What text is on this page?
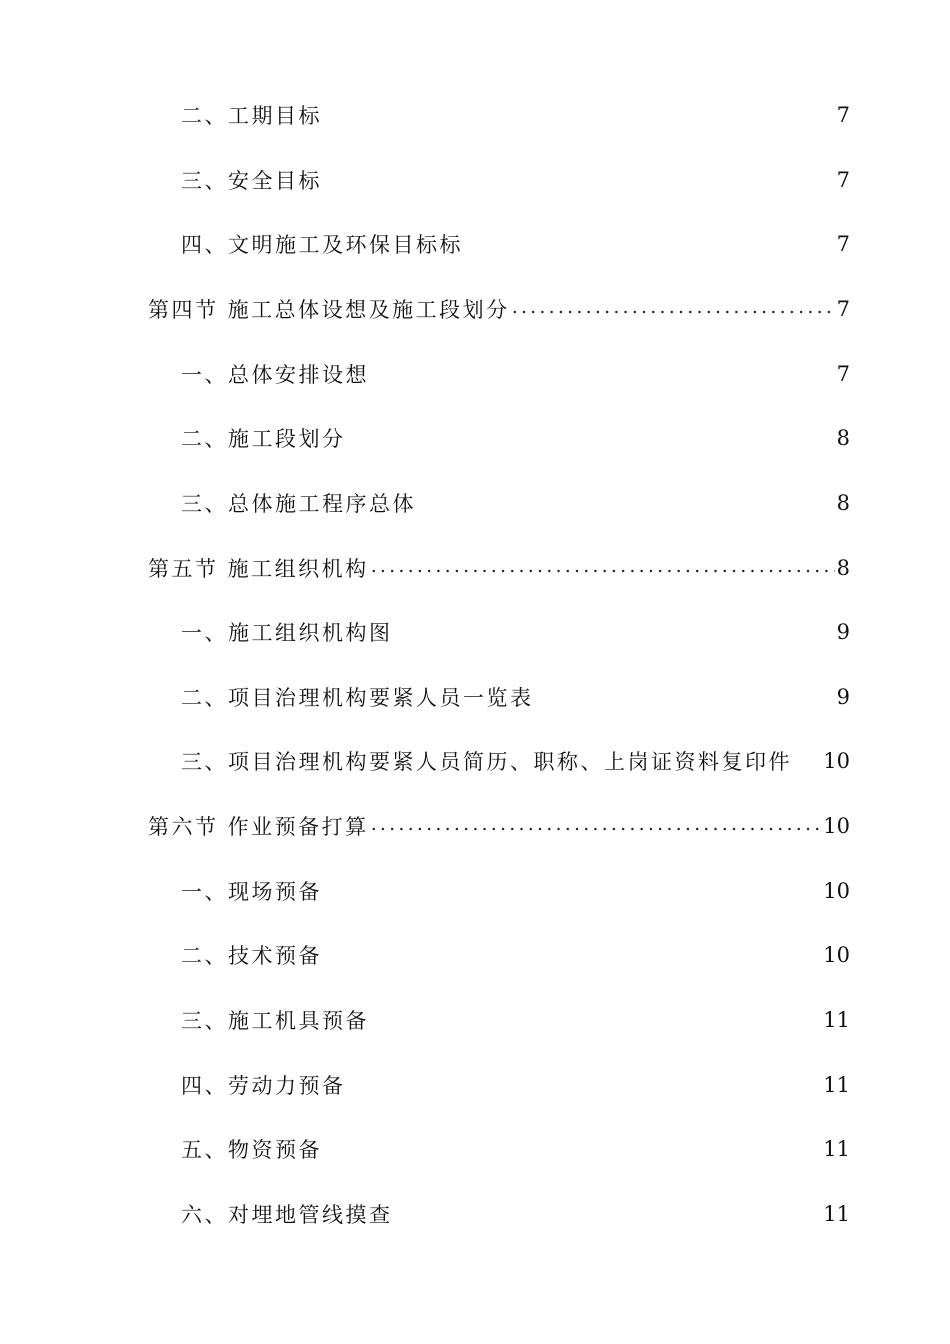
二、工期目标	7
三、安全目标	7
四、文明施工及环保目标标	7
第四节 施工总体设想及施工段划分 .....	7
一、总体安排设想	7
二、施工段划分	8
三、总体施工程序总体	8
第五节 施工组织机构 .....	8
一、施工组织机构图	9
二、项目治理机构要紧人员一览表	9
三、项目治理机构要紧人员简历、职称、上岗证资料复印件 10
第六节 作业预备打算 .....	10
一、现场预备	10
二、技术预备	10
三、施工机具预备	11
四、劳动力预备	11
五、物资预备	11
六、对埋地管线摸查	11
